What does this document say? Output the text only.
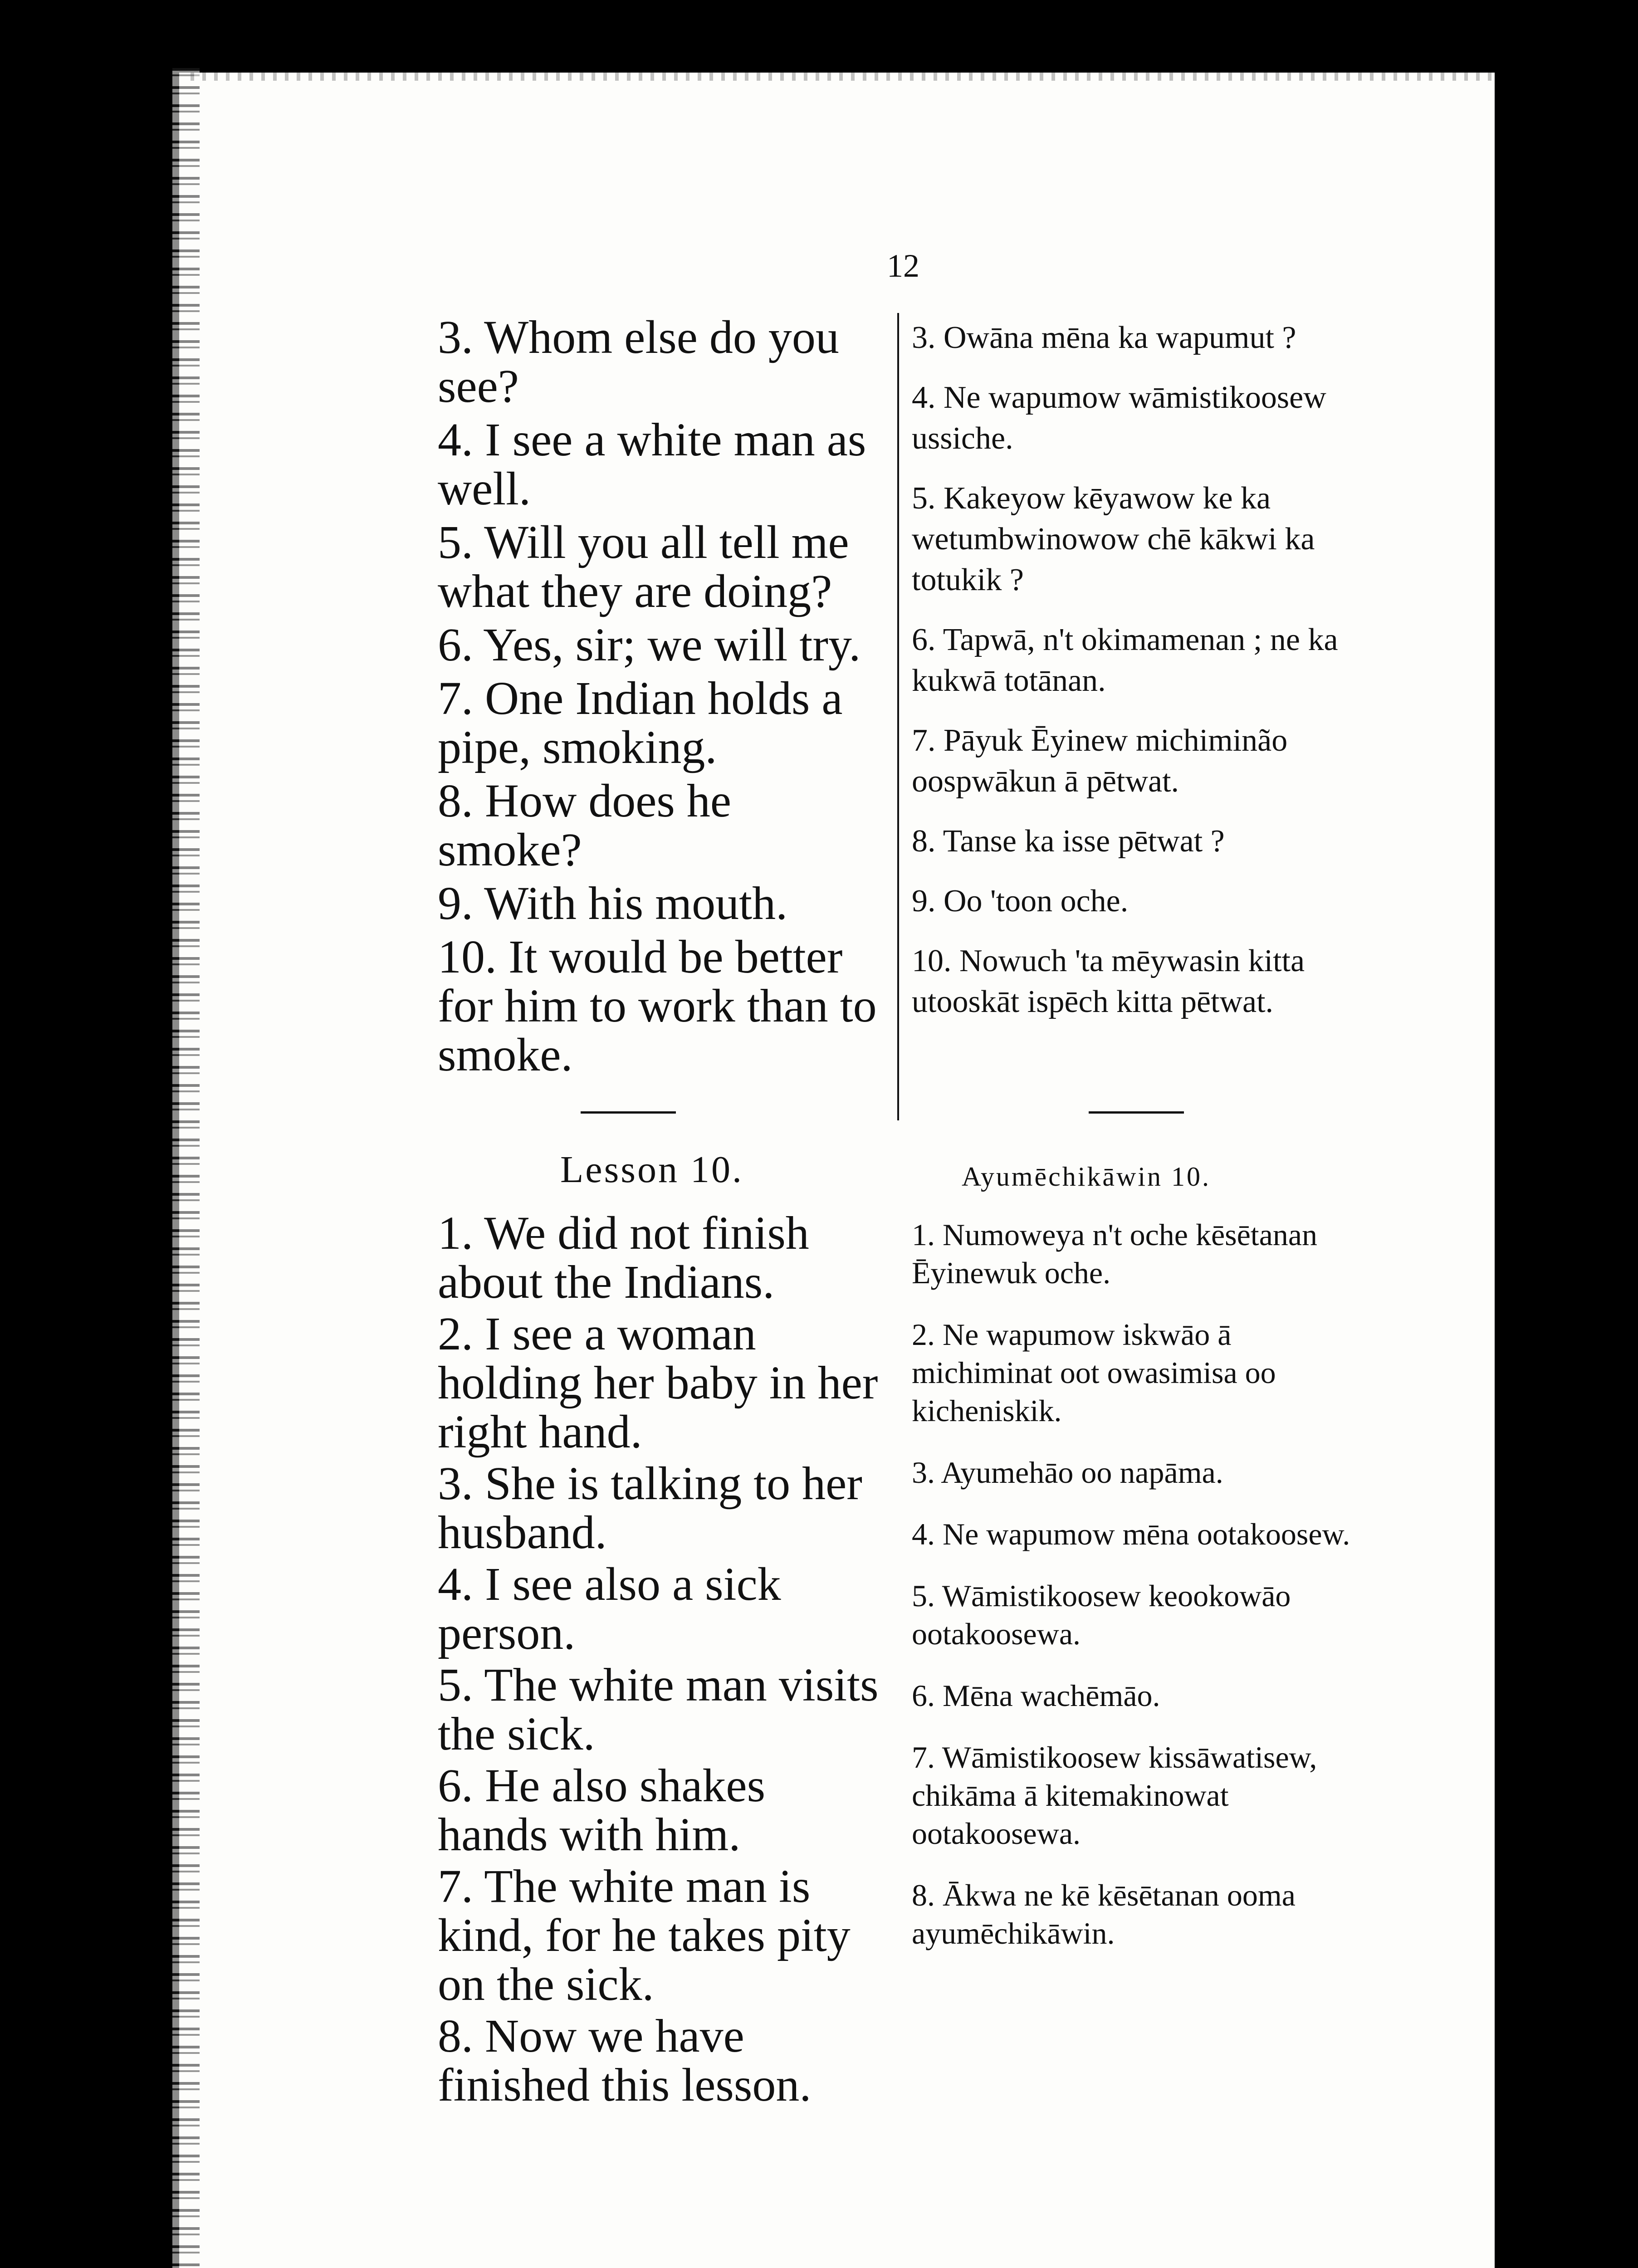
12
3. Whom else do you see?
4. I see a white man as well.
5. Will you all tell me what they are doing?
6. Yes, sir; we will try.
7. One Indian holds a pipe, smoking.
8. How does he smoke?
9. With his mouth.
10. It would be better for him to work than to smoke.
3. Owāna mēna ka wapumut ?
4. Ne wapumow wāmistikoosew ussiche.
5. Kakeyow kēyawow ke ka wetumbwinowow chē kākwi ka totukik ?
6. Tapwā, n't okimamenan ; ne ka kukwā totānan.
7. Pāyuk Ēyinew michiminão oospwākun ā pētwat.
8. Tanse ka isse pētwat ?
9. Oo 'toon oche.
10. Nowuch 'ta mēywasin kitta utooskāt ispēch kitta pētwat.
Lesson 10.	Ayumēchikāwin 10.
1. We did not finish about the Indians.
2. I see a woman holding her baby in her right hand.
3. She is talking to her husband.
4. I see also a sick person.
5. The white man visits the sick.
6. He also shakes hands with him.
7. The white man is kind, for he takes pity on the sick.
8. Now we have finished this lesson.
1. Numoweya n't oche kēsētanan Ēyinewuk oche.
2. Ne wapumow iskwāo ā michiminat oot owasimisa oo kicheniskik.
3. Ayumehāo oo napāma.
4. Ne wapumow mēna ootakoosew.
5. Wāmistikoosew keookowāo ootakoosewa.
6. Mēna wachēmāo.
7. Wāmistikoosew kissāwatisew, chikāma ā kitemakinowat ootakoosewa.
8. Ākwa ne kē kēsētanan ooma ayumēchikāwin.
